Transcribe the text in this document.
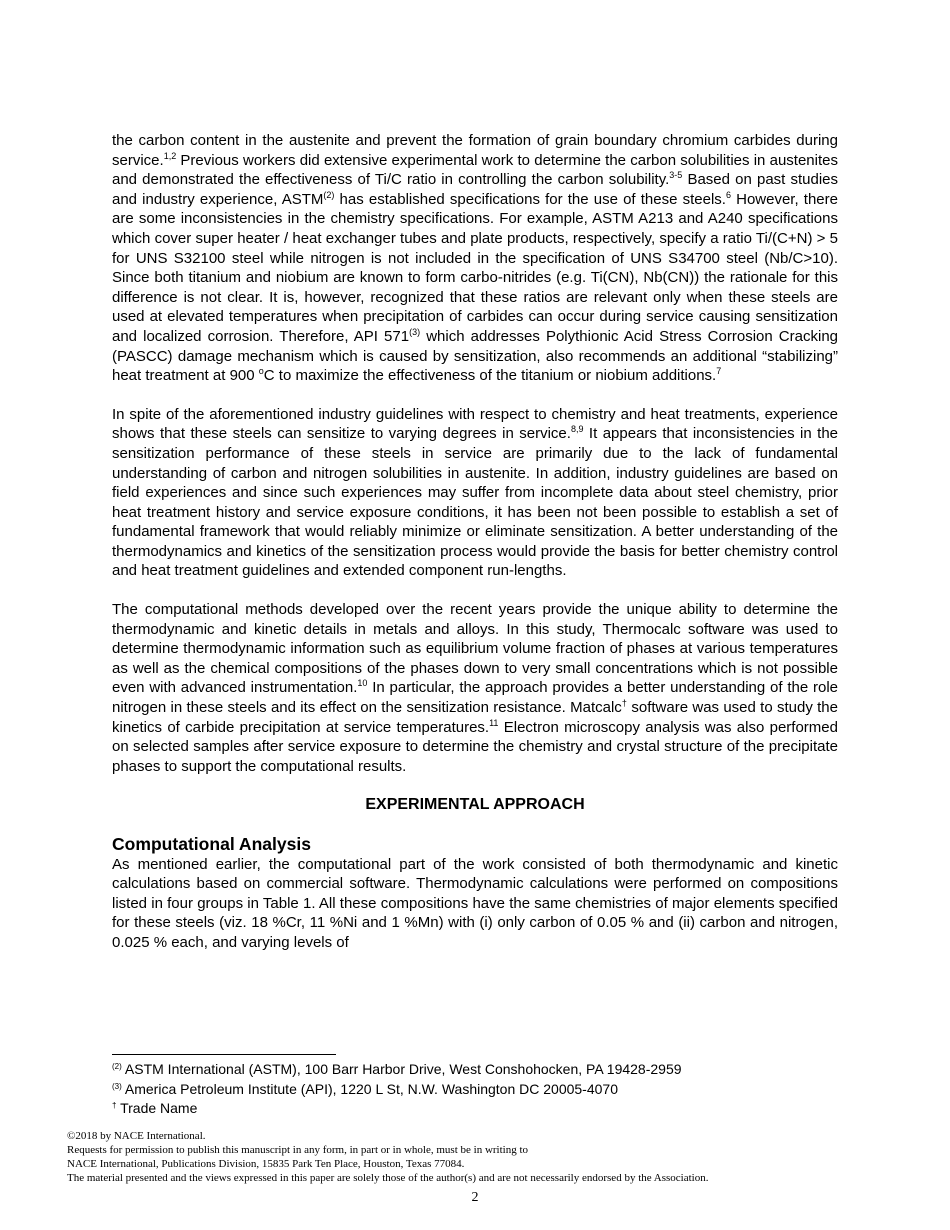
the carbon content in the austenite and prevent the formation of grain boundary chromium carbides during service.$^{1,2}$ Previous workers did extensive experimental work to determine the carbon solubilities in austenites and demonstrated the effectiveness of Ti/C ratio in controlling the carbon solubility.$^{3-5}$ Based on past studies and industry experience, ASTM$^{(2)}$ has established specifications for the use of these steels.$^6$ However, there are some inconsistencies in the chemistry specifications. For example, ASTM A213 and A240 specifications which cover super heater / heat exchanger tubes and plate products, respectively, specify a ratio Ti/(C+N) > 5 for UNS S32100 steel while nitrogen is not included in the specification of UNS S34700 steel (Nb/C>10). Since both titanium and niobium are known to form carbo-nitrides (e.g. Ti(CN), Nb(CN)) the rationale for this difference is not clear. It is, however, recognized that these ratios are relevant only when these steels are used at elevated temperatures when precipitation of carbides can occur during service causing sensitization and localized corrosion. Therefore, API 571$^{(3)}$ which addresses Polythionic Acid Stress Corrosion Cracking (PASCC) damage mechanism which is caused by sensitization, also recommends an additional “stabilizing” heat treatment at 900 $^o$C to maximize the effectiveness of the titanium or niobium additions.$^7$

In spite of the aforementioned industry guidelines with respect to chemistry and heat treatments, experience shows that these steels can sensitize to varying degrees in service.$^{8,9}$ It appears that inconsistencies in the sensitization performance of these steels in service are primarily due to the lack of fundamental understanding of carbon and nitrogen solubilities in austenite. In addition, industry guidelines are based on field experiences and since such experiences may suffer from incomplete data about steel chemistry, prior heat treatment history and service exposure conditions, it has been not been possible to establish a set of fundamental framework that would reliably minimize or eliminate sensitization. A better understanding of the thermodynamics and kinetics of the sensitization process would provide the basis for better chemistry control and heat treatment guidelines and extended component run-lengths.

The computational methods developed over the recent years provide the unique ability to determine the thermodynamic and kinetic details in metals and alloys. In this study, Thermocalc software was used to determine thermodynamic information such as equilibrium volume fraction of phases at various temperatures as well as the chemical compositions of the phases down to very small concentrations which is not possible even with advanced instrumentation.$^{10}$ In particular, the approach provides a better understanding of the role nitrogen in these steels and its effect on the sensitization resistance. Matcalc† software was used to study the kinetics of carbide precipitation at service temperatures.$^{11}$ Electron microscopy analysis was also performed on selected samples after service exposure to determine the chemistry and crystal structure of the precipitate phases to support the computational results.

EXPERIMENTAL APPROACH
Computational Analysis

As mentioned earlier, the computational part of the work consisted of both thermodynamic and kinetic calculations based on commercial software. Thermodynamic calculations were performed on compositions listed in four groups in Table 1. All these compositions have the same chemistries of major elements specified for these steels (viz. 18 %Cr, 11 %Ni and 1 %Mn) with (i) only carbon of 0.05 % and (ii) carbon and nitrogen, 0.025 % each, and varying levels of

$^{(2)}$ ASTM International (ASTM), 100 Barr Harbor Drive, West Conshohocken, PA 19428-2959

$^{(3)}$ America Petroleum Institute (API), 1220 L St, N.W. Washington DC 20005-4070

† Trade Name

©2018 by NACE International.

Requests for permission to publish this manuscript in any form, in part or in whole, must be in writing to

NACE International, Publications Division, 15835 Park Ten Place, Houston, Texas 77084.

The material presented and the views expressed in this paper are solely those of the author(s) and are not necessarily endorsed by the Association.

2
